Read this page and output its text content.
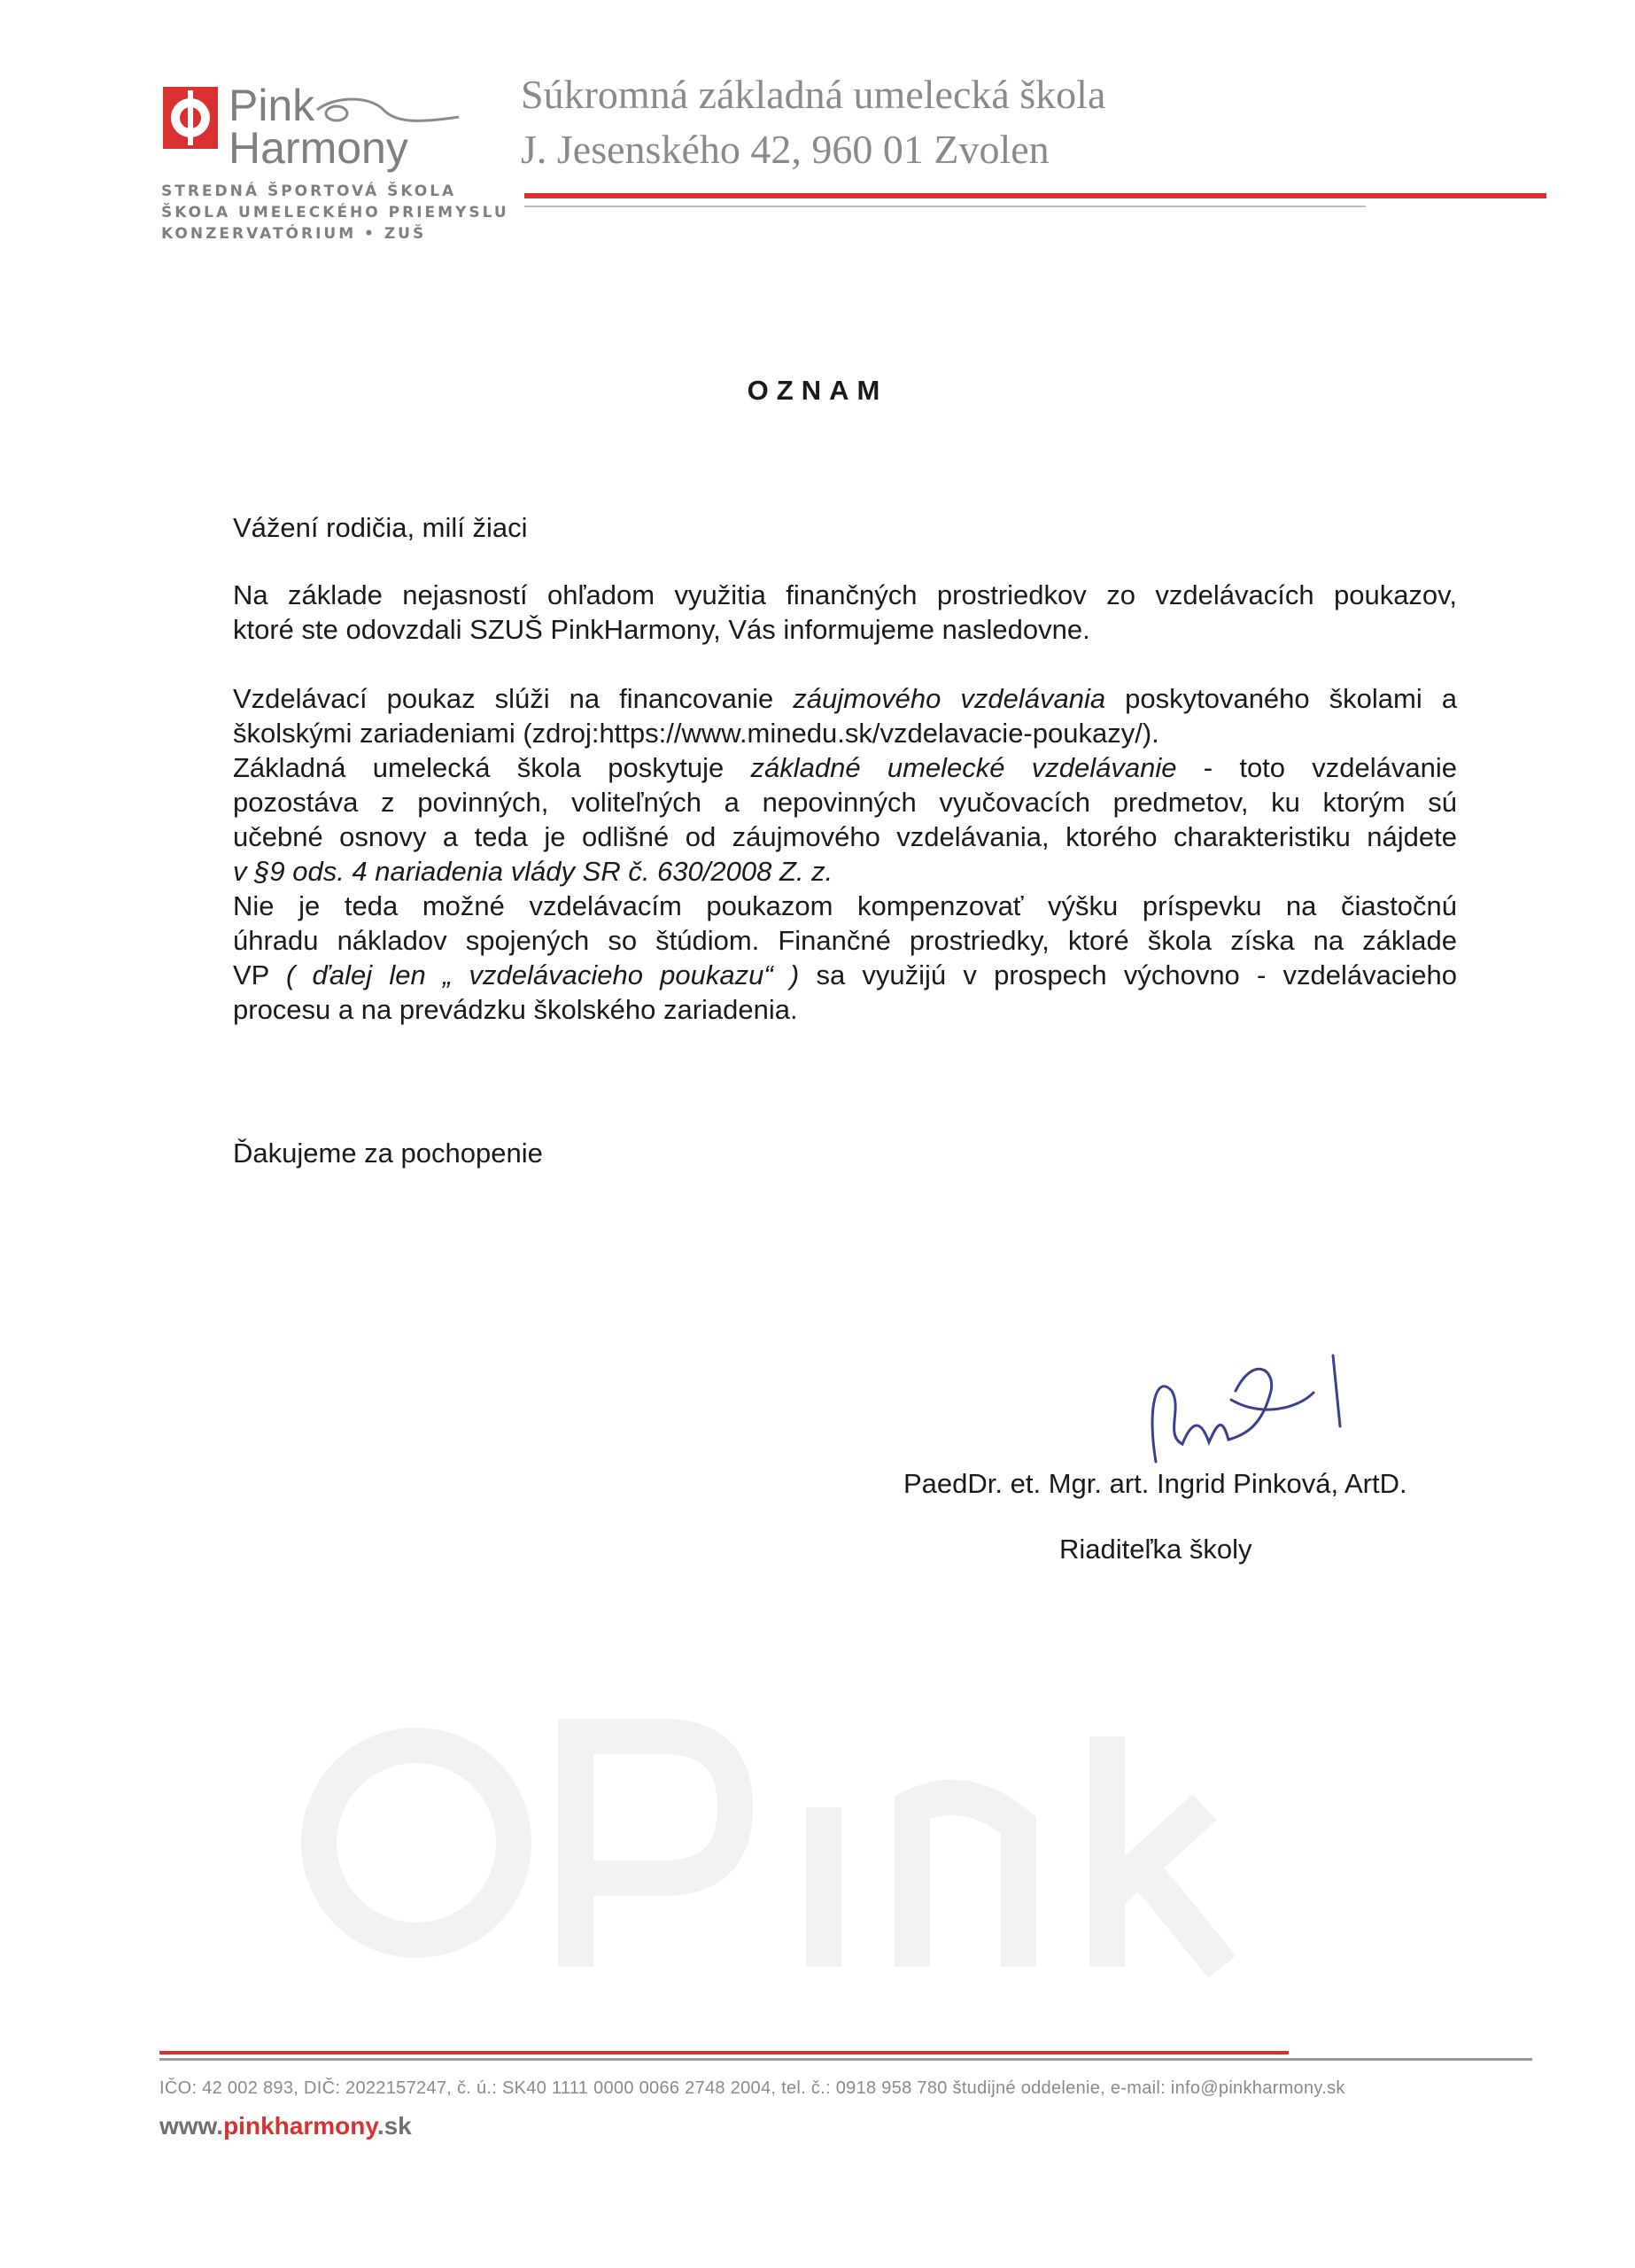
Pink
Harmony
STREDNÁ ŠPORTOVÁ ŠKOLA
ŠKOLA UMELECKÉHO PRIEMYSLU
KONZERVATÓRIUM • ZUŠ
Súkromná základná umelecká škola
J. Jesenského 42, 960 01 Zvolen
OZNAM
Vážení rodičia, milí žiaci
Na základe nejasností ohľadom využitia finančných prostriedkov zo vzdelávacích poukazov,
ktoré ste odovzdali SZUŠ PinkHarmony, Vás informujeme nasledovne.
Vzdelávací poukaz slúži na financovanie záujmového vzdelávania poskytovaného školami a
školskými zariadeniami (zdroj:https://www.minedu.sk/vzdelavacie-poukazy/).
Základná umelecká škola poskytuje základné umelecké vzdelávanie - toto vzdelávanie
pozostáva z povinných, voliteľných a nepovinných vyučovacích predmetov, ku ktorým sú
učebné osnovy a teda je odlišné od záujmového vzdelávania, ktorého charakteristiku nájdete
v §9 ods. 4 nariadenia vlády SR č. 630/2008 Z. z.
Nie je teda možné vzdelávacím poukazom kompenzovať výšku príspevku na čiastočnú
úhradu nákladov spojených so štúdiom. Finančné prostriedky, ktoré škola získa na základe
VP ( ďalej len „ vzdelávacieho poukazu“ ) sa využijú v prospech výchovno - vzdelávacieho
procesu a na prevádzku školského zariadenia.
Ďakujeme za pochopenie
PaedDr. et. Mgr. art. Ingrid Pinková, ArtD.
Riaditeľka školy
IČO: 42 002 893, DIČ: 2022157247, č. ú.: SK40 1111 0000 0066 2748 2004, tel. č.: 0918 958 780 študijné oddelenie, e-mail: info@pinkharmony.sk
www.pinkharmony.sk
